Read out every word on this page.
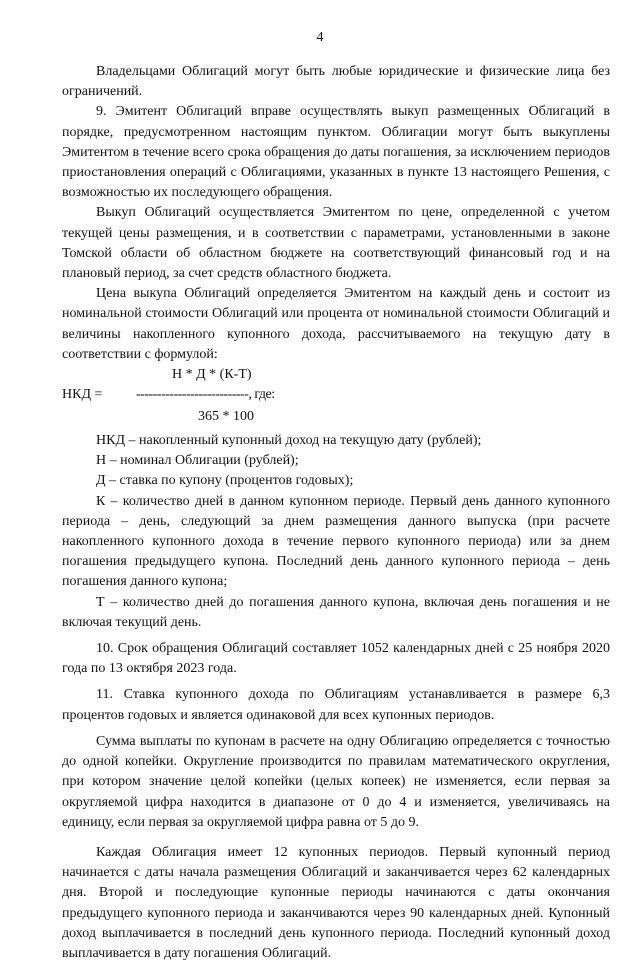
4

Владельцами Облигаций могут быть любые юридические и физические лица без ограничений.

9. Эмитент Облигаций вправе осуществлять выкуп размещенных Облигаций в порядке, предусмотренном настоящим пунктом. Облигации могут быть выкуплены Эмитентом в течение всего срока обращения до даты погашения, за исключением периодов приостановления операций с Облигациями, указанных в пункте 13 настоящего Решения, с возможностью их последующего обращения.

Выкуп Облигаций осуществляется Эмитентом по цене, определенной с учетом текущей цены размещения, и в соответствии с параметрами, установленными в законе Томской области об областном бюджете на соответствующий финансовый год и на плановый период, за счет средств областного бюджета.

Цена выкупа Облигаций определяется Эмитентом на каждый день и состоит из номинальной стоимости Облигаций или процента от номинальной стоимости Облигаций и величины накопленного купонного дохода, рассчитываемого на текущую дату в соответствии с формулой:

Н * Д * (К-Т)
НКД = ---------------------------, где:
365 * 100

НКД – накопленный купонный доход на текущую дату (рублей);

Н – номинал Облигации (рублей);

Д – ставка по купону (процентов годовых);

К – количество дней в данном купонном периоде. Первый день данного купонного периода – день, следующий за днем размещения данного выпуска (при расчете накопленного купонного дохода в течение первого купонного периода) или за днем погашения предыдущего купона. Последний день данного купонного периода – день погашения данного купона;

Т – количество дней до погашения данного купона, включая день погашения и не включая текущий день.

10. Срок обращения Облигаций составляет 1052 календарных дней с 25 ноября 2020 года по 13 октября 2023 года.

11. Ставка купонного дохода по Облигациям устанавливается в размере 6,3 процентов годовых и является одинаковой для всех купонных периодов.

Сумма выплаты по купонам в расчете на одну Облигацию определяется с точностью до одной копейки. Округление производится по правилам математического округления, при котором значение целой копейки (целых копеек) не изменяется, если первая за округляемой цифра находится в диапазоне от 0 до 4 и изменяется, увеличиваясь на единицу, если первая за округляемой цифра равна от 5 до 9.

Каждая Облигация имеет 12 купонных периодов. Первый купонный период начинается с даты начала размещения Облигаций и заканчивается через 62 календарных дня. Второй и последующие купонные периоды начинаются с даты окончания предыдущего купонного периода и заканчиваются через 90 календарных дней. Купонный доход выплачивается в последний день купонного периода. Последний купонный доход выплачивается в дату погашения Облигаций.
